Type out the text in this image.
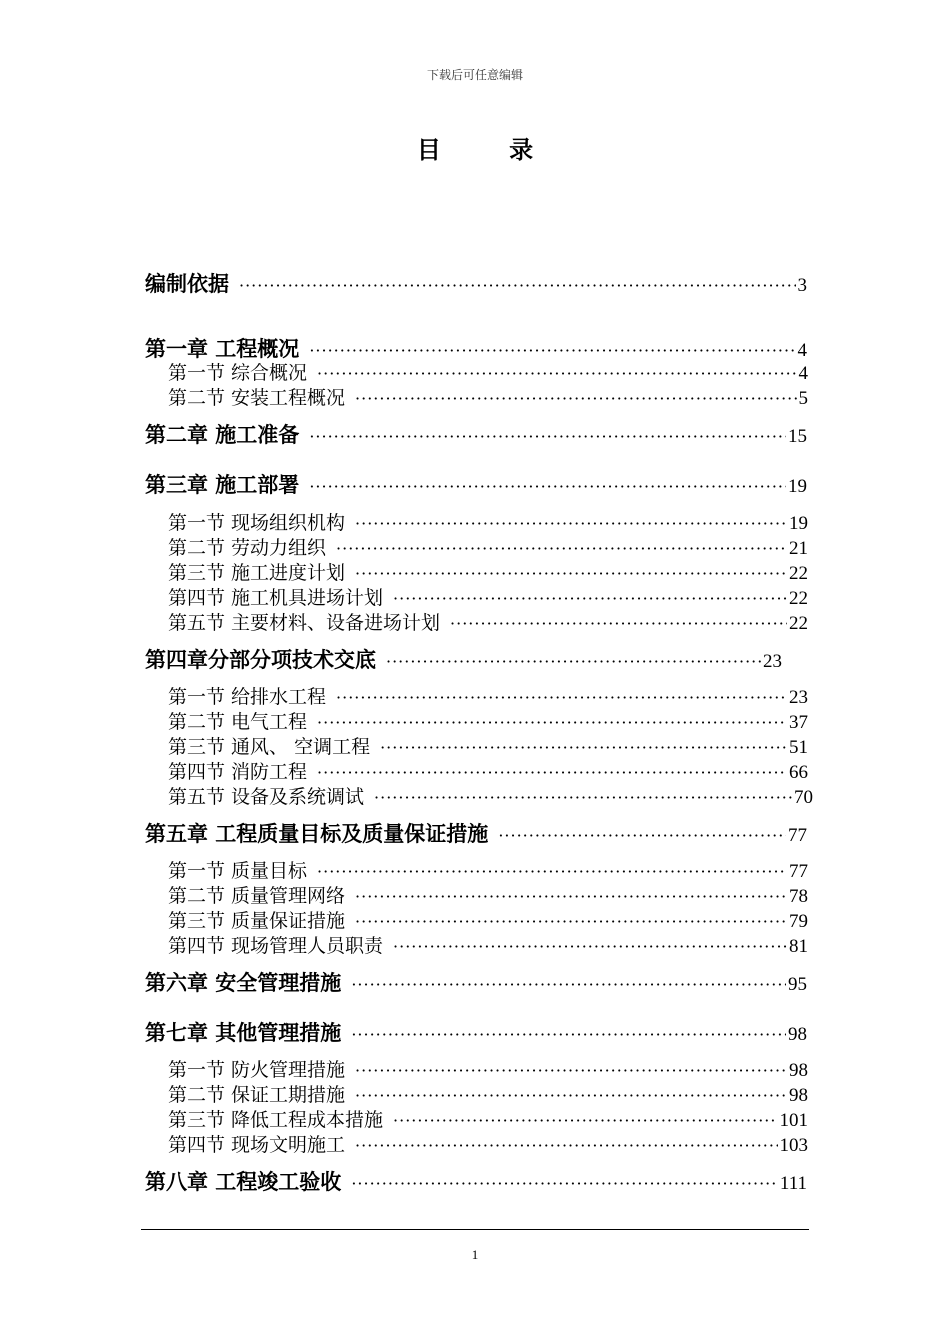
下载后可任意编辑
目 录
编制依据 ·····	3
第一章 工程概况 ·····	4
第一节 综合概况 ·····	4
第二节 安装工程概况 ·····	5
第二章 施工准备 ·····	15
第三章 施工部署 ·····	19
第一节 现场组织机构 ·····	19
第二节 劳动力组织 ·····	21
第三节 施工进度计划 ·····	22
第四节 施工机具进场计划 ·····	22
第五节 主要材料、设备进场计划 ·····	22
第四章分部分项技术交底 ·····	23
第一节 给排水工程 ·····	23
第二节 电气工程 ·····	37
第三节 通风、 空调工程 ·····	51
第四节 消防工程 ·····	66
第五节 设备及系统调试 ·····	70
第五章 工程质量目标及质量保证措施 ·····	77
第一节 质量目标 ·····	77
第二节 质量管理网络 ·····	78
第三节 质量保证措施 ·····	79
第四节 现场管理人员职责 ·····	81
第六章 安全管理措施 ·····	95
第七章 其他管理措施 ·····	98
第一节 防火管理措施 ·····	98
第二节 保证工期措施 ·····	98
第三节 降低工程成本措施 ·····	101
第四节 现场文明施工 ·····	103
第八章 工程竣工验收 ·····	111
1
